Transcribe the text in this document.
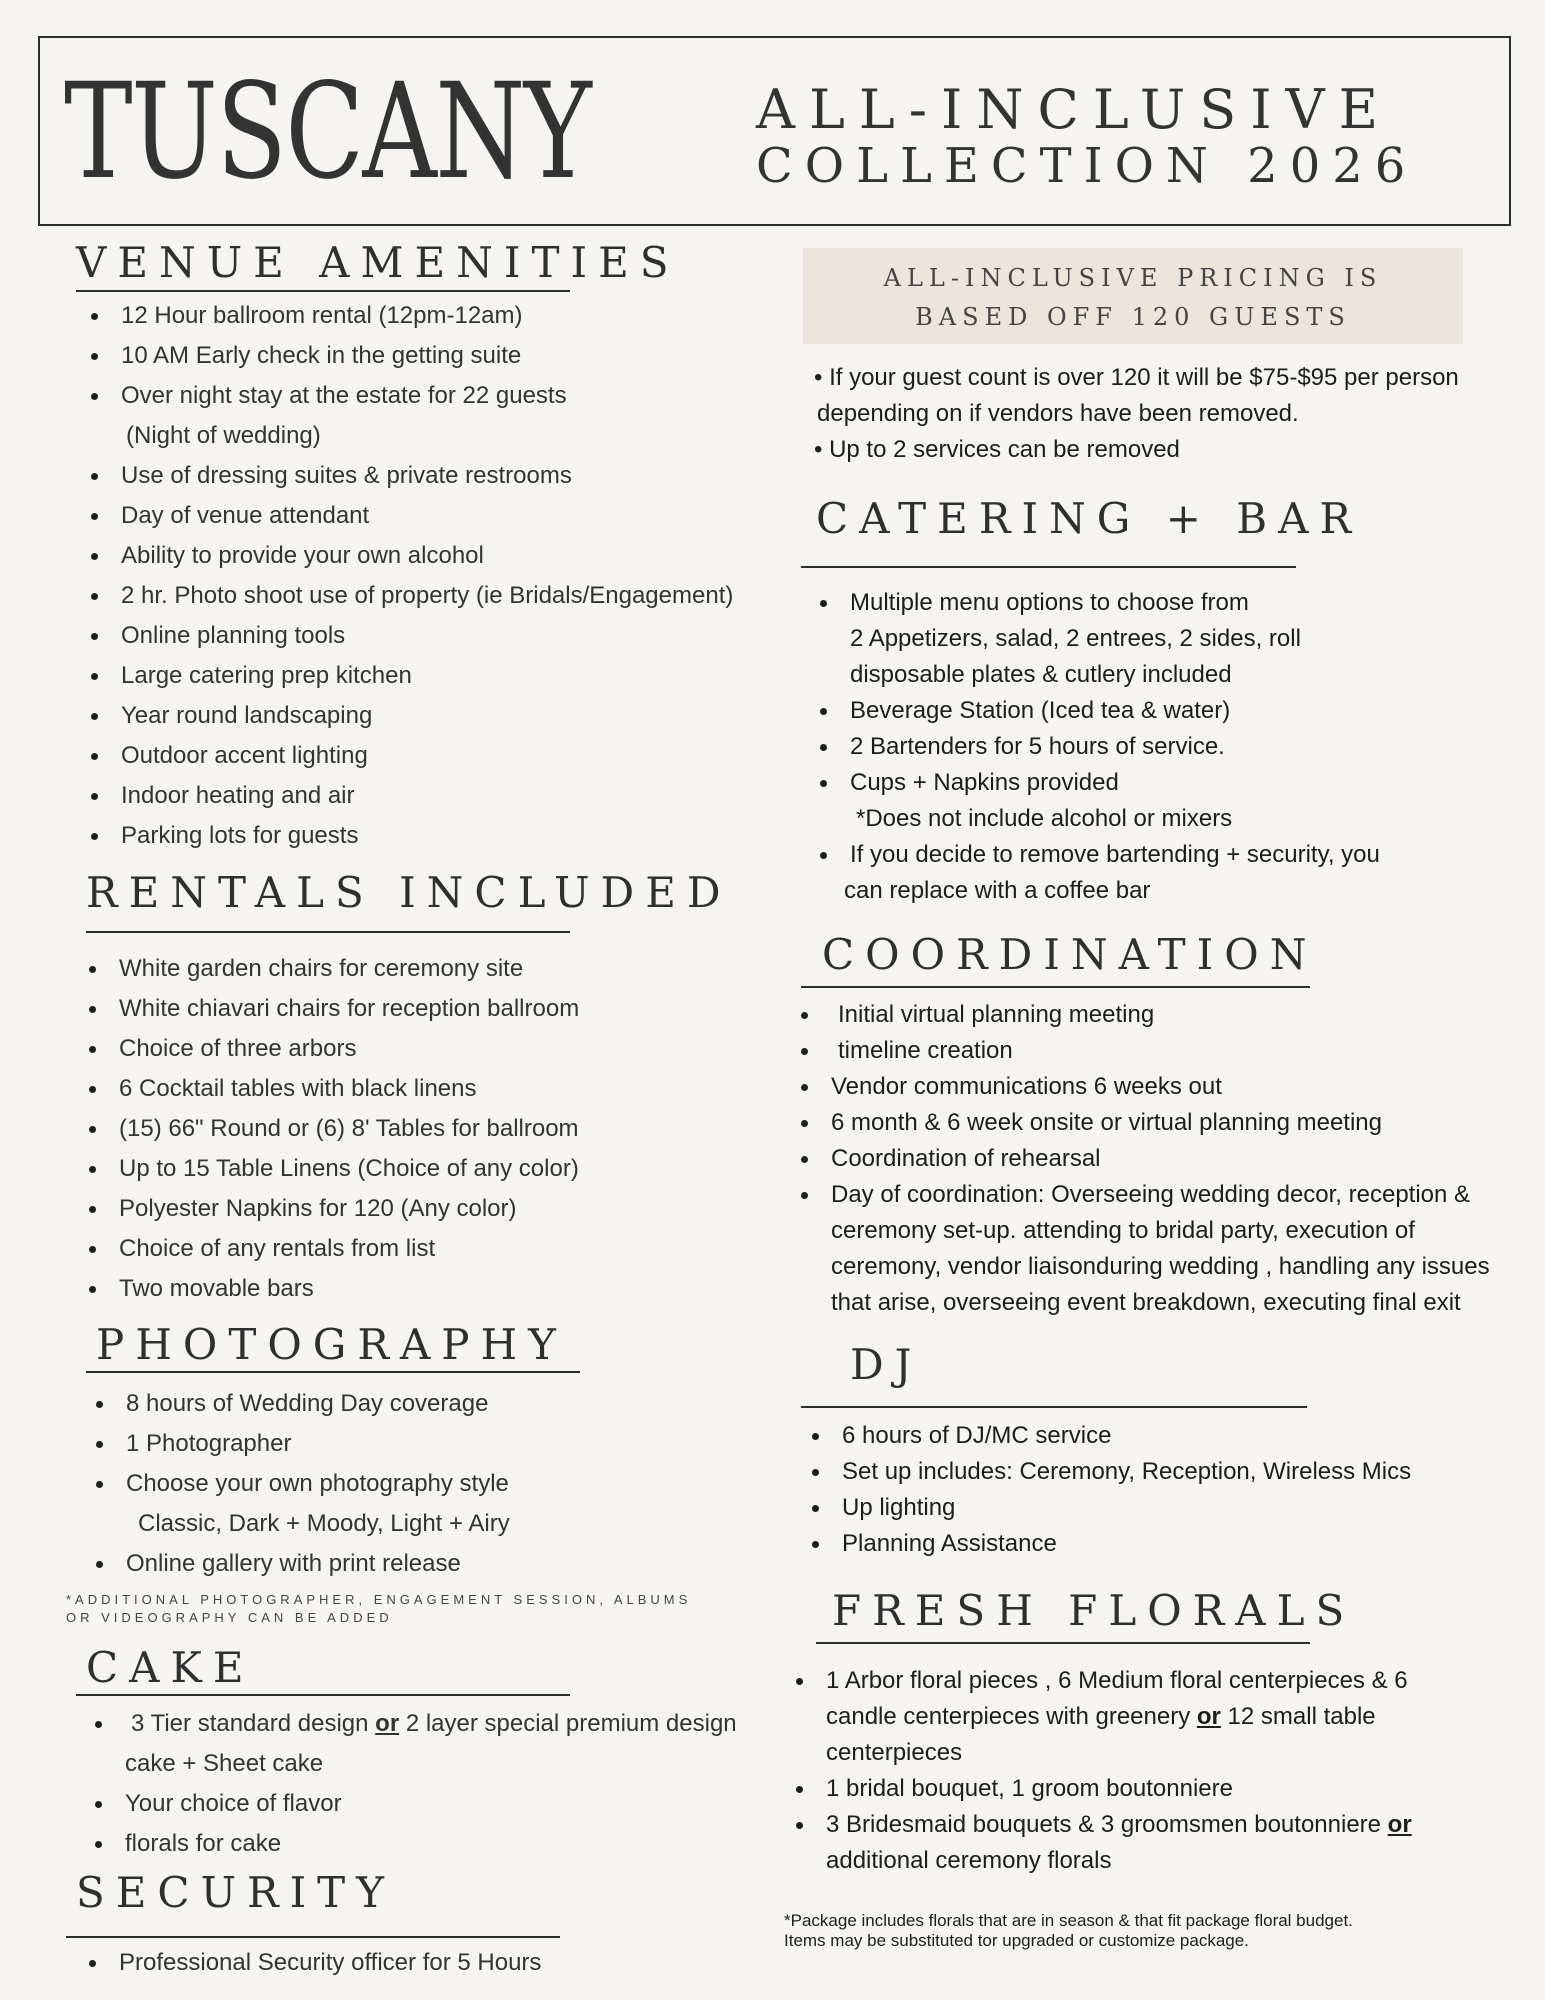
TUSCANY	ALL-INCLUSIVE
COLLECTION 2026
VENUE AMENITIES
12 Hour ballroom rental (12pm-12am)
10 AM Early check in the getting suite
Over night stay at the estate for 22 guests
(Night of wedding)
Use of dressing suites & private restrooms
Day of venue attendant
Ability to provide your own alcohol
2 hr. Photo shoot use of property (ie Bridals/Engagement)
Online planning tools
Large catering prep kitchen
Year round landscaping
Outdoor accent lighting
Indoor heating and air
Parking lots for guests
RENTALS INCLUDED
White garden chairs for ceremony site
White chiavari chairs for reception ballroom
Choice of three arbors
6 Cocktail tables with black linens
(15) 66" Round or (6) 8' Tables for ballroom
Up to 15 Table Linens (Choice of any color)
Polyester Napkins for 120 (Any color)
Choice of any rentals from list
Two movable bars
PHOTOGRAPHY
8 hours of Wedding Day coverage
1 Photographer
Choose your own photography style
Classic, Dark + Moody, Light + Airy
Online gallery with print release
*ADDITIONAL PHOTOGRAPHER, ENGAGEMENT SESSION, ALBUMS
OR VIDEOGRAPHY CAN BE ADDED
CAKE
3 Tier standard design or 2 layer special premium design
cake + Sheet cake
Your choice of flavor
florals for cake
SECURITY
Professional Security officer for 5 Hours
ALL-INCLUSIVE PRICING IS
BASED OFF 120 GUESTS
• If your guest count is over 120 it will be $75-$95 per person
depending on if vendors have been removed.
• Up to 2 services can be removed
CATERING + BAR
Multiple menu options to choose from
2 Appetizers, salad, 2 entrees, 2 sides, roll
disposable plates & cutlery included
Beverage Station (Iced tea & water)
2 Bartenders for 5 hours of service.
Cups + Napkins provided
*Does not include alcohol or mixers
If you decide to remove bartending + security, you
can replace with a coffee bar
COORDINATION
Initial virtual planning meeting
timeline creation
Vendor communications 6 weeks out
6 month & 6 week onsite or virtual planning meeting
Coordination of rehearsal
Day of coordination: Overseeing wedding decor, reception &
ceremony set-up. attending to bridal party, execution of
ceremony, vendor liaisonduring wedding , handling any issues
that arise, overseeing event breakdown, executing final exit
DJ
6 hours of DJ/MC service
Set up includes: Ceremony, Reception, Wireless Mics
Up lighting
Planning Assistance
FRESH FLORALS
1 Arbor floral pieces , 6 Medium floral centerpieces & 6
candle centerpieces with greenery or 12 small table
centerpieces
1 bridal bouquet, 1 groom boutonniere
3 Bridesmaid bouquets & 3 groomsmen boutonniere or
additional ceremony florals
*Package includes florals that are in season & that fit package floral budget.
Items may be substituted tor upgraded or customize package.
